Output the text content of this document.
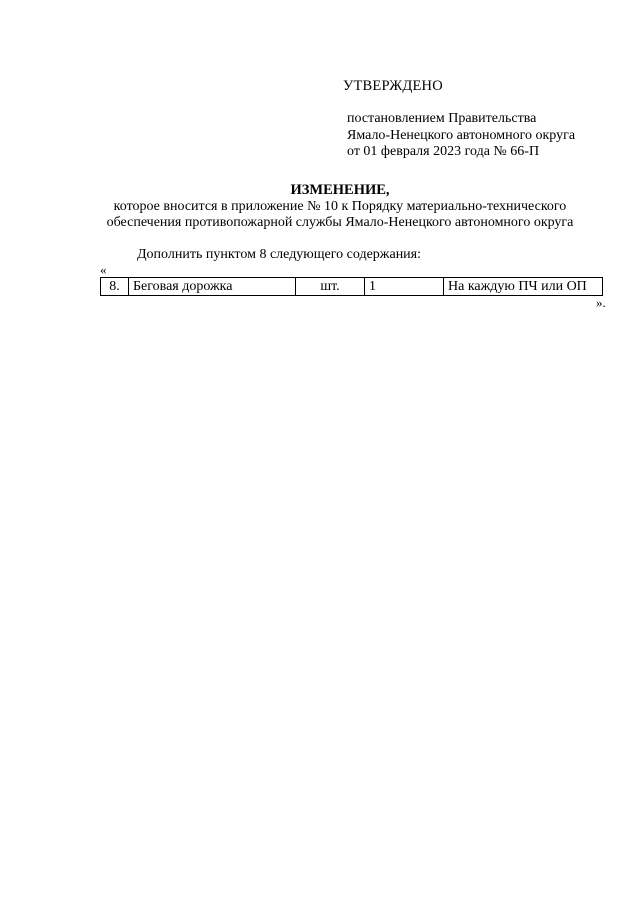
УТВЕРЖДЕНО
постановлением Правительства
Ямало-Ненецкого автономного округа
от 01 февраля 2023 года № 66-П
ИЗМЕНЕНИЕ,
которое вносится в приложение № 10 к Порядку материально-технического
обеспечения противопожарной службы Ямало-Ненецкого автономного округа
Дополнить пунктом 8 следующего содержания:
«
8.	Беговая дорожка	шт.	1	На каждую ПЧ или ОП
».
